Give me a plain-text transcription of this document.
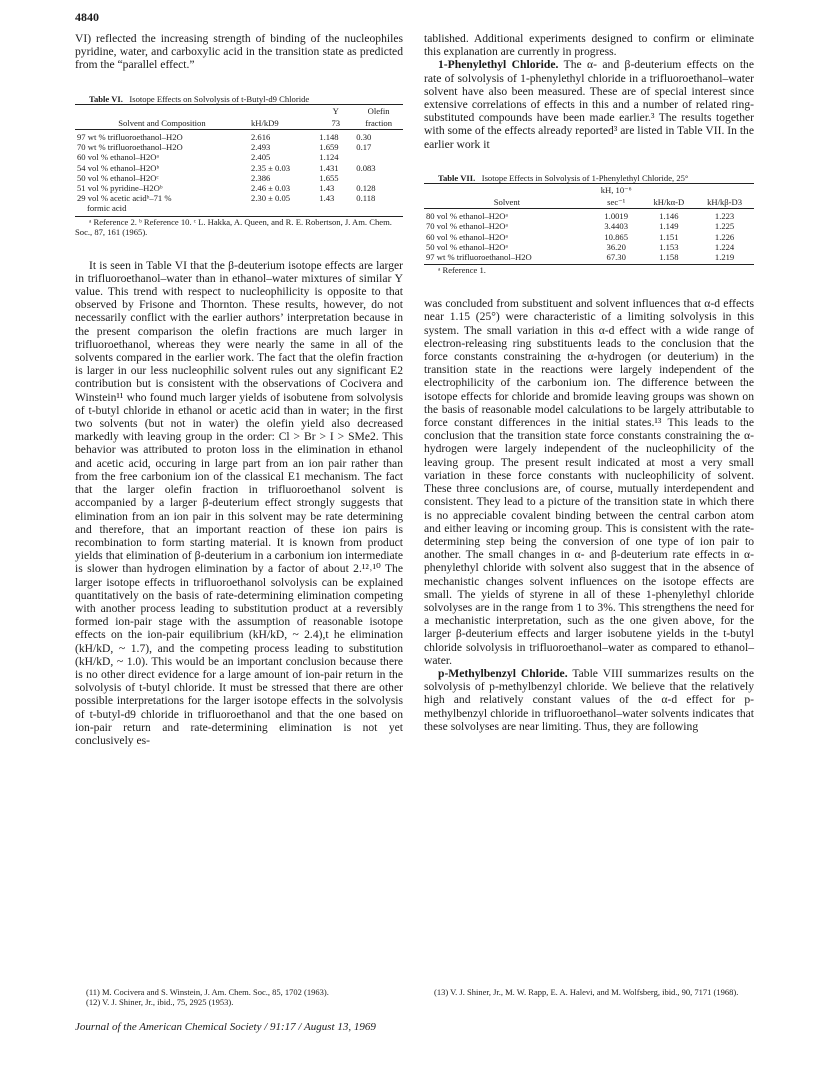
4840

VI) reflected the increasing strength of binding of the nucleophiles pyridine, water, and carboxylic acid in the transition state as predicted from the “parallel effect.”

Table VI. Isotope Effects on Solvolysis of t-Butyl-d9 Chloride

Solvent and Composition	kH/kD9	Y	Olefin
		73	fraction
97 wt % trifluoroethanol–H2O	2.616	1.148	0.30
70 wt % trifluoroethanol–H2O	2.493	1.659	0.17
60 vol % ethanol–H2Oᵃ	2.405	1.124	
54 vol % ethanol–H2Oᵇ	2.35 ± 0.03	1.431	0.083
50 vol % ethanol–H2Oᶜ	2.386	1.655	
51 vol % pyridine–H2Oᵇ	2.46 ± 0.03	1.43	0.128
29 vol % acetic acidᵇ–71 %	2.30 ± 0.05	1.43	0.118
formic acid			

ᵃ Reference 2. ᵇ Reference 10. ᶜ L. Hakka, A. Queen, and R. E. Robertson, J. Am. Chem. Soc., 87, 161 (1965).

It is seen in Table VI that the β-deuterium isotope effects are larger in trifluoroethanol–water than in ethanol–water mixtures of similar Y value. This trend with respect to nucleophilicity is opposite to that observed by Frisone and Thornton. These results, however, do not necessarily conflict with the earlier authors’ interpretation because in the present comparison the olefin fractions are much larger in trifluoroethanol, whereas they were nearly the same in all of the solvents compared in the earlier work. The fact that the olefin fraction is larger in our less nucleophilic solvent rules out any significant E2 contribution but is consistent with the observations of Cocivera and Winstein¹¹ who found much larger yields of isobutene from solvolysis of t-butyl chloride in ethanol or acetic acid than in water; in the first two solvents (but not in water) the olefin yield also decreased markedly with leaving group in the order: Cl > Br > I > SMe2. This behavior was attributed to proton loss in the elimination in ethanol and acetic acid, occuring in large part from an ion pair rather than from the free carbonium ion of the classical E1 mechanism. The fact that the larger olefin fraction in trifluoroethanol solvent is accompanied by a larger β-deuterium effect strongly suggests that elimination from an ion pair in this solvent may be rate determining and therefore, that an important reaction of these ion pairs is recombination to form starting material. It is known from product yields that elimination of β-deuterium in a carbonium ion intermediate is slower than hydrogen elimination by a factor of about 2.¹²˒¹⁰ The larger isotope effects in trifluoroethanol solvolysis can be explained quantitatively on the basis of rate-determining elimination competing with another process leading to substitution product at a reversibly formed ion-pair stage with the assumption of reasonable isotope effects on the ion-pair equilibrium (kH/kD, ~ 2.4),t he elimination (kH/kD, ~ 1.7), and the competing process leading to substitution (kH/kD, ~ 1.0). This would be an important conclusion because there is no other direct evidence for a large amount of ion-pair return in the solvolysis of t-butyl chloride. It must be stressed that there are other possible interpretations for the larger isotope effects in the solvolysis of t-butyl-d9 chloride in trifluoroethanol and that the one based on ion-pair return and rate-determining elimination is not yet conclusively es-

tablished. Additional experiments designed to confirm or eliminate this explanation are currently in progress.

1-Phenylethyl Chloride. The α- and β-deuterium effects on the rate of solvolysis of 1-phenylethyl chloride in a trifluoroethanol–water solvent have also been measured. These are of special interest since extensive correlations of effects in this and a number of related ring-substituted compounds have been made earlier.³ The results together with some of the effects already reported³ are listed in Table VII. In the earlier work it

Table VII. Isotope Effects in Solvolysis of 1-Phenylethyl Chloride, 25°

Solvent	kH, 10⁻⁶	kH/kα-D	kH/kβ-D3
	sec⁻¹		
80 vol % ethanol–H2Oᵃ	1.0019	1.146	1.223
70 vol % ethanol–H2Oᵃ	3.4403	1.149	1.225
60 vol % ethanol–H2Oᵃ	10.865	1.151	1.226
50 vol % ethanol–H2Oᵃ	36.20	1.153	1.224
97 wt % trifluoroethanol–H2O	67.30	1.158	1.219

ᵃ Reference 1.

was concluded from substituent and solvent influences that α-d effects near 1.15 (25°) were characteristic of a limiting solvolysis in this system. The small variation in this α-d effect with a wide range of electron-releasing ring substituents leads to the conclusion that the force constants constraining the α-hydrogen (or deuterium) in the transition state in the reactions were largely independent of the electrophilicity of the carbonium ion. The difference between the isotope effects for chloride and bromide leaving groups was shown on the basis of reasonable model calculations to be largely attributable to force constant differences in the initial states.¹³ This leads to the conclusion that the transition state force constants constraining the α-hydrogen were largely independent of the nucleophilicity of the leaving group. The present result indicated at most a very small variation in these force constants with nucleophilicity of solvent. These three conclusions are, of course, mutually interdependent and consistent. They lead to a picture of the transition state in which there is no appreciable covalent binding between the central carbon atom and either leaving or incoming group. This is consistent with the rate-determining step being the conversion of one type of ion pair to another. The small changes in α- and β-deuterium rate effects in α-phenylethyl chloride with solvent also suggest that in the absence of mechanistic changes solvent influences on the isotope effects are small. The yields of styrene in all of these 1-phenylethyl chloride solvolyses are in the range from 1 to 3%. This strengthens the need for a mechanistic interpretation, such as the one given above, for the larger β-deuterium effects and larger isobutene yields in the t-butyl chloride solvolysis in trifluoroethanol–water as compared to ethanol–water.

p-Methylbenzyl Chloride. Table VIII summarizes results on the solvolysis of p-methylbenzyl chloride. We believe that the relatively high and relatively constant values of the α-d effect for p-methylbenzyl chloride in trifluoroethanol–water solvents indicates that these solvolyses are near limiting. Thus, they are following

(11) M. Cocivera and S. Winstein, J. Am. Chem. Soc., 85, 1702 (1963).
(12) V. J. Shiner, Jr., ibid., 75, 2925 (1953).
(13) V. J. Shiner, Jr., M. W. Rapp, E. A. Halevi, and M. Wolfsberg, ibid., 90, 7171 (1968).
Journal of the American Chemical Society / 91:17 / August 13, 1969
